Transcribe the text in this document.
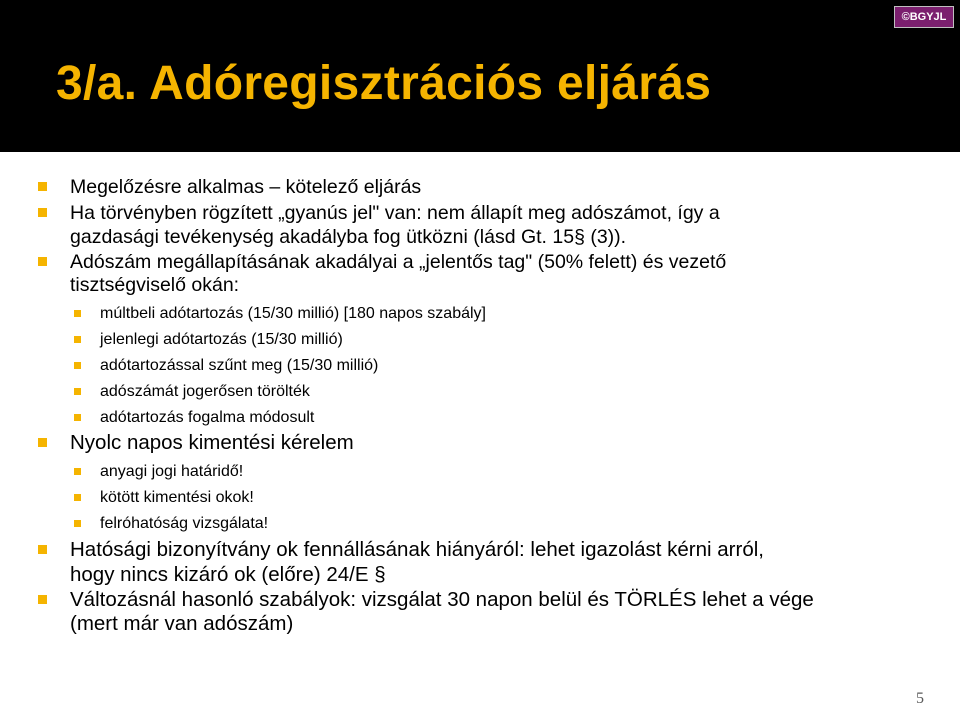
©BGYJL
3/a. Adóregisztrációs eljárás
Megelőzésre alkalmas – kötelező eljárás
Ha törvényben rögzített „gyanús jel" van: nem állapít meg adószámot, így a
gazdasági tevékenység akadályba fog ütközni (lásd Gt. 15§ (3)).
Adószám megállapításának akadályai a „jelentős tag" (50% felett) és vezető
tisztségviselő okán:
múltbeli adótartozás (15/30 millió) [180 napos szabály]
jelenlegi adótartozás (15/30 millió)
adótartozással szűnt meg (15/30 millió)
adószámát jogerősen törölték
adótartozás fogalma módosult
Nyolc napos kimentési kérelem
anyagi jogi határidő!
kötött kimentési okok!
felróhatóság vizsgálata!
Hatósági bizonyítvány ok fennállásának hiányáról: lehet igazolást kérni arról,
hogy nincs kizáró ok (előre) 24/E §
Változásnál hasonló szabályok: vizsgálat 30 napon belül és TÖRLÉS lehet a vége
(mert már van adószám)
5
